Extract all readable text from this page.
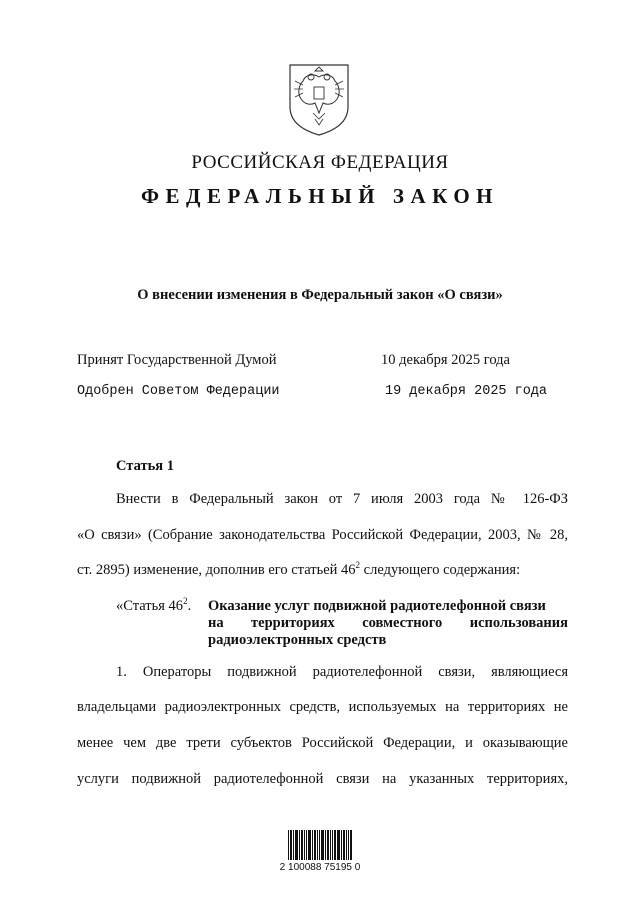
РОССИЙСКАЯ ФЕДЕРАЦИЯ
ФЕДЕРАЛЬНЫЙ ЗАКОН
О внесении изменения в Федеральный закон «О связи»
Принят Государственной Думой	10 декабря 2025 года
Одобрен Советом Федерации	19 декабря 2025 года
Статья 1
Внести в Федеральный закон от 7 июля 2003 года № 126-ФЗ
«О связи» (Собрание законодательства Российской Федерации, 2003, № 28,
ст. 2895) изменение, дополнив его статьей $46^2$ следующего содержания:
«Статья $46^2$. Оказание услуг подвижной радиотелефонной связи
на территориях совместного использования
радиоэлектронных средств
1. Операторы подвижной радиотелефонной связи, являющиеся
владельцами радиоэлектронных средств, используемых на территориях не
менее чем две трети субъектов Российской Федерации, и оказывающие
услуги подвижной радиотелефонной связи на указанных территориях,
2 100088 75195 0
